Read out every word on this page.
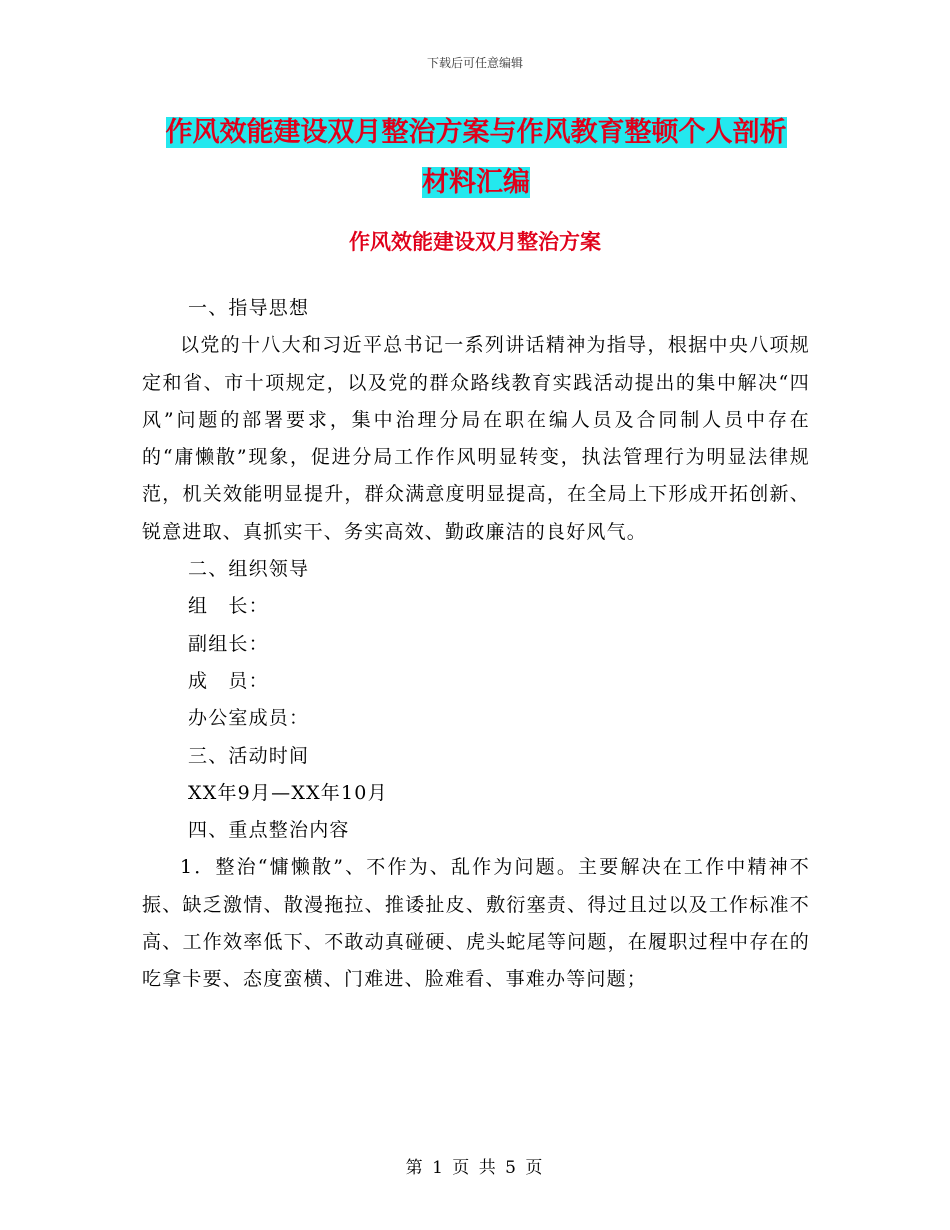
下载后可任意编辑
作风效能建设双月整治方案与作风教育整顿个人剖析
材料汇编
作风效能建设双月整治方案

一、指导思想

以党的十八大和习近平总书记一系列讲话精神为指导，根据中央八项规定和省、市十项规定，以及党的群众路线教育实践活动提出的集中解决“四风”问题的部署要求，集中治理分局在职在编人员及合同制人员中存在的“庸懒散”现象，促进分局工作作风明显转变，执法管理行为明显法律规范，机关效能明显提升，群众满意度明显提高，在全局上下形成开拓创新、锐意进取、真抓实干、务实高效、勤政廉洁的良好风气。

二、组织领导

组　长：

副组长：

成　员：

办公室成员：

三、活动时间

XX年9月—XX年10月

四、重点整治内容

1．整治“慵懒散”、不作为、乱作为问题。主要解决在工作中精神不振、缺乏激情、散漫拖拉、推诿扯皮、敷衍塞责、得过且过以及工作标准不高、工作效率低下、不敢动真碰硬、虎头蛇尾等问题，在履职过程中存在的吃拿卡要、态度蛮横、门难进、脸难看、事难办等问题；

第 1 页 共 5 页
